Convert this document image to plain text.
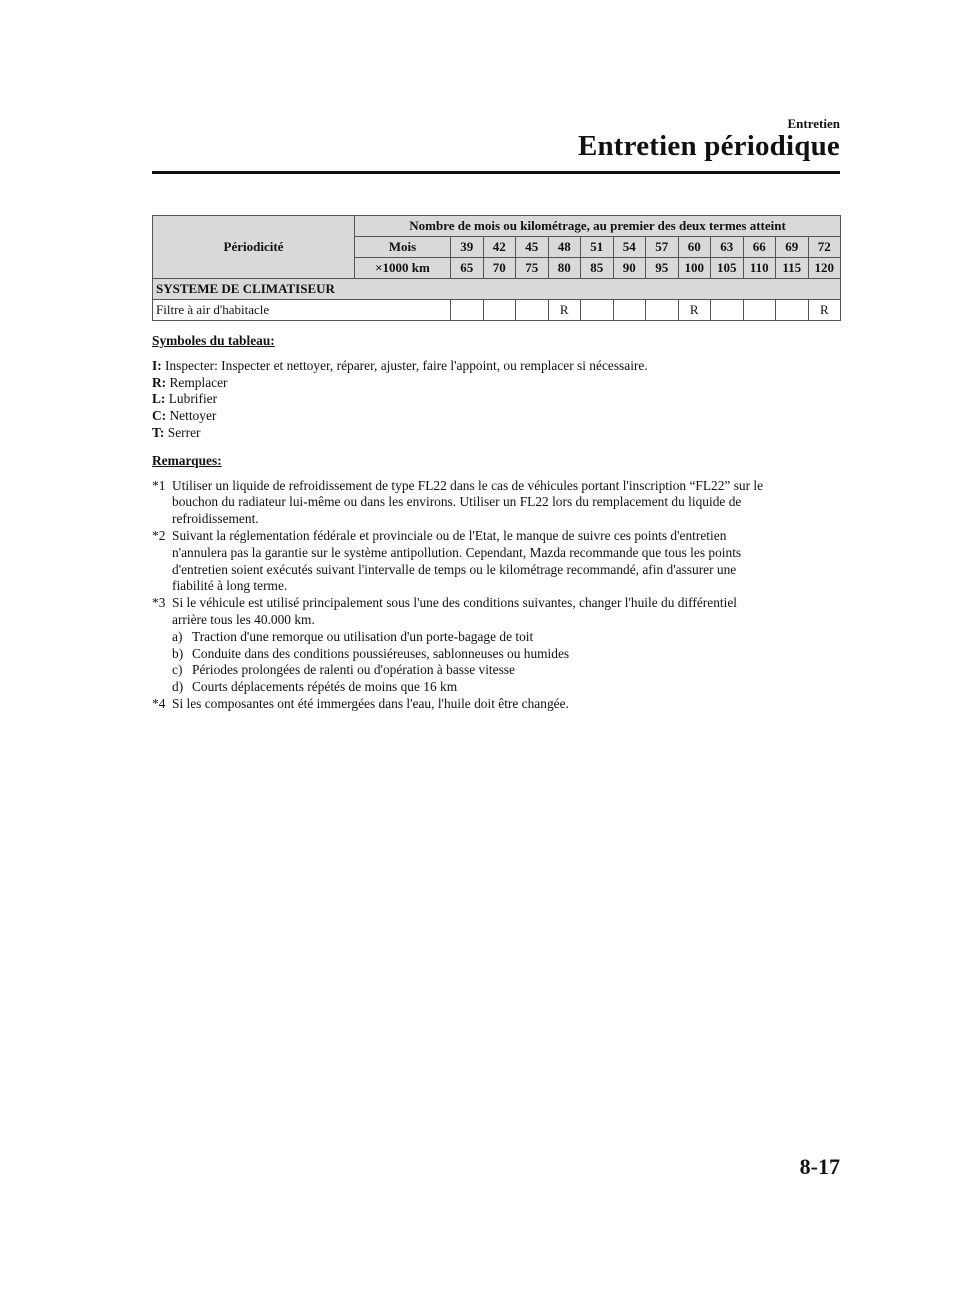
Entretien
Entretien périodique
Périodicité	Nombre de mois ou kilométrage, au premier des deux termes atteint												
	Mois	39	42	45	48	51	54	57	60	63	66	69	72
	×1000 km	65	70	75	80	85	90	95	100	105	110	115	120
SYSTEME DE CLIMATISEUR													
Filtre à air d'habitacle					R				R				R

Symboles du tableau:

I: Inspecter: Inspecter et nettoyer, réparer, ajuster, faire l'appoint, ou remplacer si nécessaire.

R: Remplacer

L: Lubrifier

C: Nettoyer

T: Serrer

Remarques:

*1 Utiliser un liquide de refroidissement de type FL22 dans le cas de véhicules portant l'inscription “FL22” sur le
bouchon du radiateur lui-même ou dans les environs. Utiliser un FL22 lors du remplacement du liquide de
refroidissement.
*2 Suivant la réglementation fédérale et provinciale ou de l'Etat, le manque de suivre ces points d'entretien
n'annulera pas la garantie sur le système antipollution. Cependant, Mazda recommande que tous les points
d'entretien soient exécutés suivant l'intervalle de temps ou le kilométrage recommandé, afin d'assurer une
fiabilité à long terme.
*3 Si le véhicule est utilisé principalement sous l'une des conditions suivantes, changer l'huile du différentiel
arrière tous les 40.000 km.
a) Traction d'une remorque ou utilisation d'un porte-bagage de toit
b) Conduite dans des conditions poussiéreuses, sablonneuses ou humides
c) Périodes prolongées de ralenti ou d'opération à basse vitesse
d) Courts déplacements répétés de moins que 16 km
*4 Si les composantes ont été immergées dans l'eau, l'huile doit être changée.
8-17
